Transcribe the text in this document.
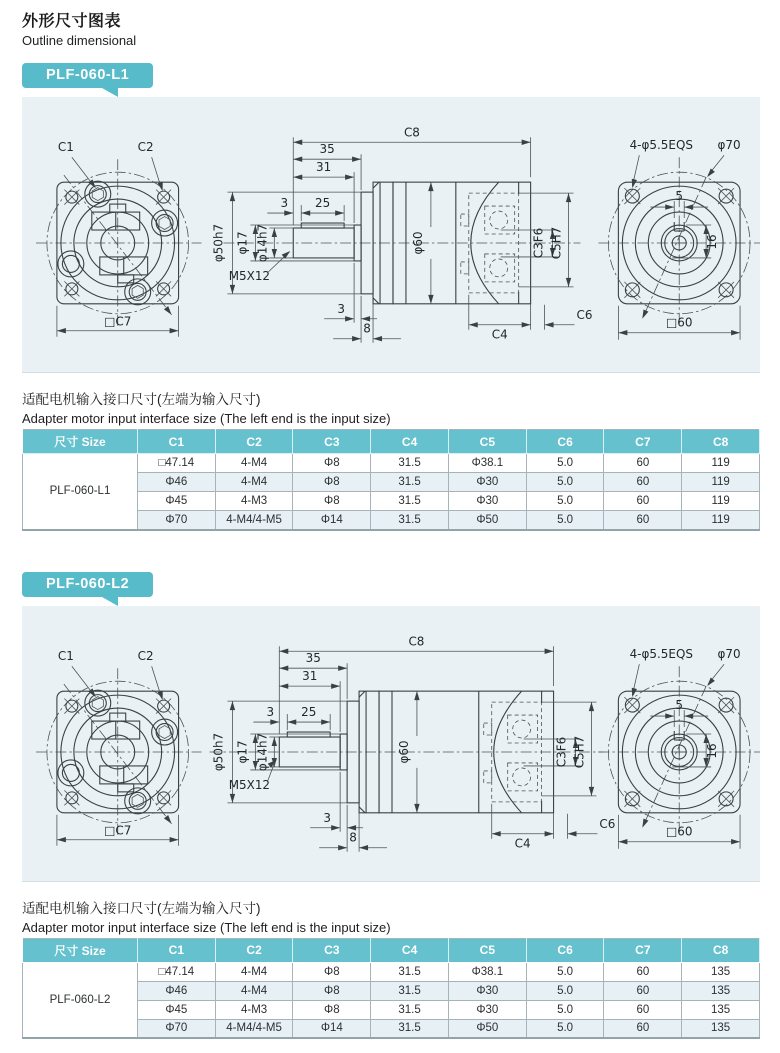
外形尺寸图表
Outline dimensional
PLF-060-L1
C1	C2
□C7
C8
35
31
3 25
φ50h7 φ17 φ14h7
M5X12
φ60	C3F6 C5H7
3
8	C4
C6
5
16
4-φ5.5EQS φ70
□60
适配电机输入接口尺寸(左端为输入尺寸)
Adapter motor input interface size (The left end is the input size)
尺寸 Size	C1	C2	C3	C4	C5	C6	C7	C8
PLF-060-L1	□47.14	4-M4	Φ8	31.5	Φ38.1	5.0	60	119
	Φ46	4-M4	Φ8	31.5	Φ30	5.0	60	119
	Φ45	4-M3	Φ8	31.5	Φ30	5.0	60	119
	Φ70	4-M4/4-M5	Φ14	31.5	Φ50	5.0	60	119
PLF-060-L2
C1	C2
□C7
C8
35
31
3 25
φ50h7 φ17 φ14h7
M5X12
φ60	C3F6 C5H7
3
8	C4
C6
5
16
4-φ5.5EQS φ70
□60
适配电机输入接口尺寸(左端为输入尺寸)
Adapter motor input interface size (The left end is the input size)
尺寸 Size	C1	C2	C3	C4	C5	C6	C7	C8
PLF-060-L2	□47.14	4-M4	Φ8	31.5	Φ38.1	5.0	60	135
	Φ46	4-M4	Φ8	31.5	Φ30	5.0	60	135
	Φ45	4-M3	Φ8	31.5	Φ30	5.0	60	135
	Φ70	4-M4/4-M5	Φ14	31.5	Φ50	5.0	60	135
